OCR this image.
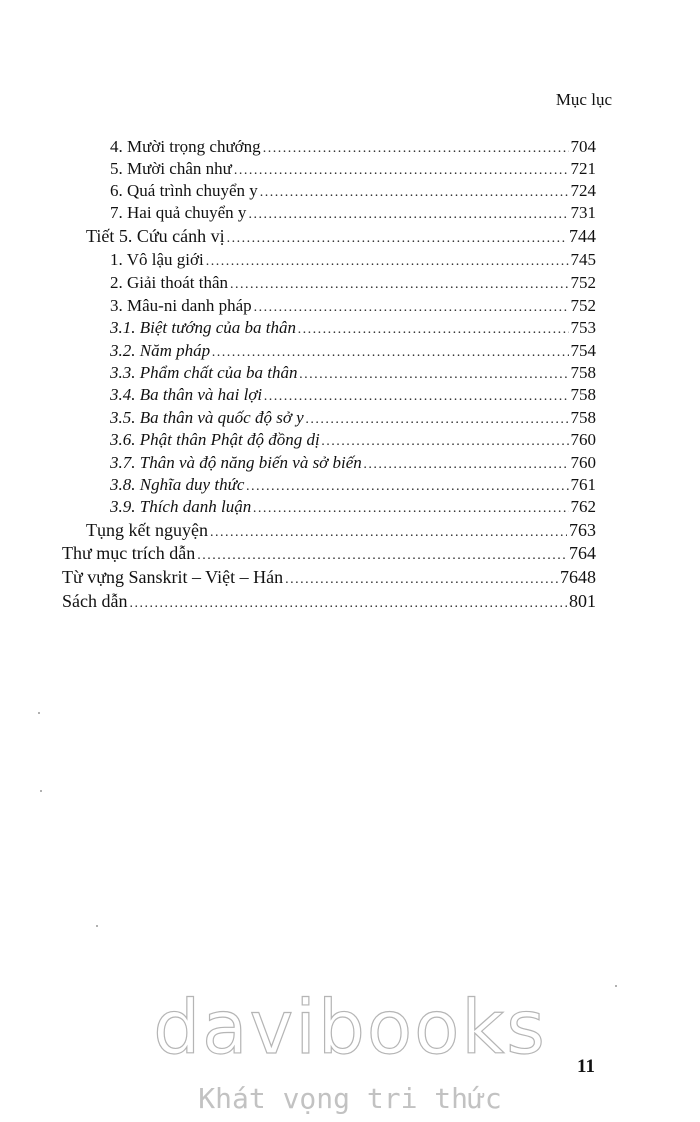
Mục lục
4. Mười trọng chướng .....	704
5. Mười chân như .....	721
6. Quá trình chuyển y .....	724
7. Hai quả chuyển y .....	731
Tiết 5. Cứu cánh vị .....	744
1. Vô lậu giới .....	745
2. Giải thoát thân .....	752
3. Mâu-ni danh pháp .....	752
3.1. Biệt tướng của ba thân .....	753
3.2. Năm pháp .....	754
3.3. Phẩm chất của ba thân .....	758
3.4. Ba thân và hai lợi .....	758
3.5. Ba thân và quốc độ sở y .....	758
3.6. Phật thân Phật độ đồng dị .....	760
3.7. Thân và độ năng biến và sở biến .....	760
3.8. Nghĩa duy thức .....	761
3.9. Thích danh luận .....	762
Tụng kết nguyện .....	763
Thư mục trích dẫn .....	764
Từ vựng Sanskrit – Việt – Hán .....	7648
Sách dẫn .....	801
davibooks	11
Khát vọng tri thức
